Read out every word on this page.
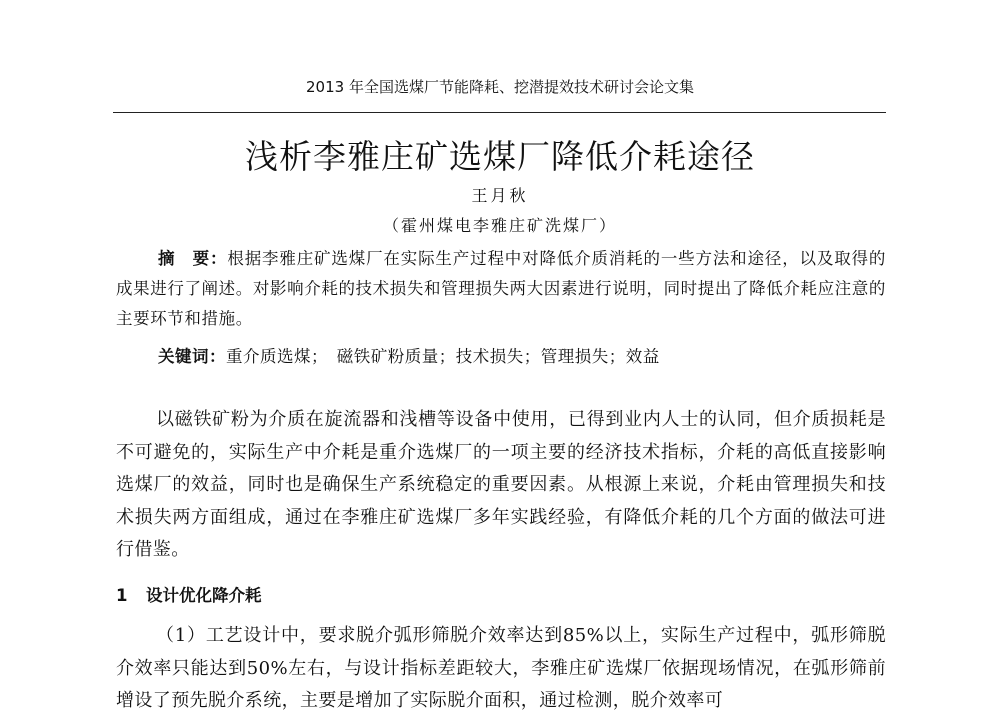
2013 年全国选煤厂节能降耗、挖潜提效技术研讨会论文集
浅析李雅庄矿选煤厂降低介耗途径
王月秋
（霍州煤电李雅庄矿洗煤厂）
摘　要：根据李雅庄矿选煤厂在实际生产过程中对降低介质消耗的一些方法和途径，以及取得的成果进行了阐述。对影响介耗的技术损失和管理损失两大因素进行说明，同时提出了降低介耗应注意的主要环节和措施。
关键词：重介质选煤；　磁铁矿粉质量；技术损失；管理损失；效益
以磁铁矿粉为介质在旋流器和浅槽等设备中使用，已得到业内人士的认同，但介质损耗是不可避免的，实际生产中介耗是重介选煤厂的一项主要的经济技术指标，介耗的高低直接影响选煤厂的效益，同时也是确保生产系统稳定的重要因素。从根源上来说，介耗由管理损失和技术损失两方面组成，通过在李雅庄矿选煤厂多年实践经验，有降低介耗的几个方面的做法可进行借鉴。
1 设计优化降介耗
（1）工艺设计中，要求脱介弧形筛脱介效率达到85%以上，实际生产过程中，弧形筛脱介效率只能达到50%左右，与设计指标差距较大，李雅庄矿选煤厂依据现场情况，在弧形筛前增设了预先脱介系统，主要是增加了实际脱介面积，通过检测，脱介效率可
